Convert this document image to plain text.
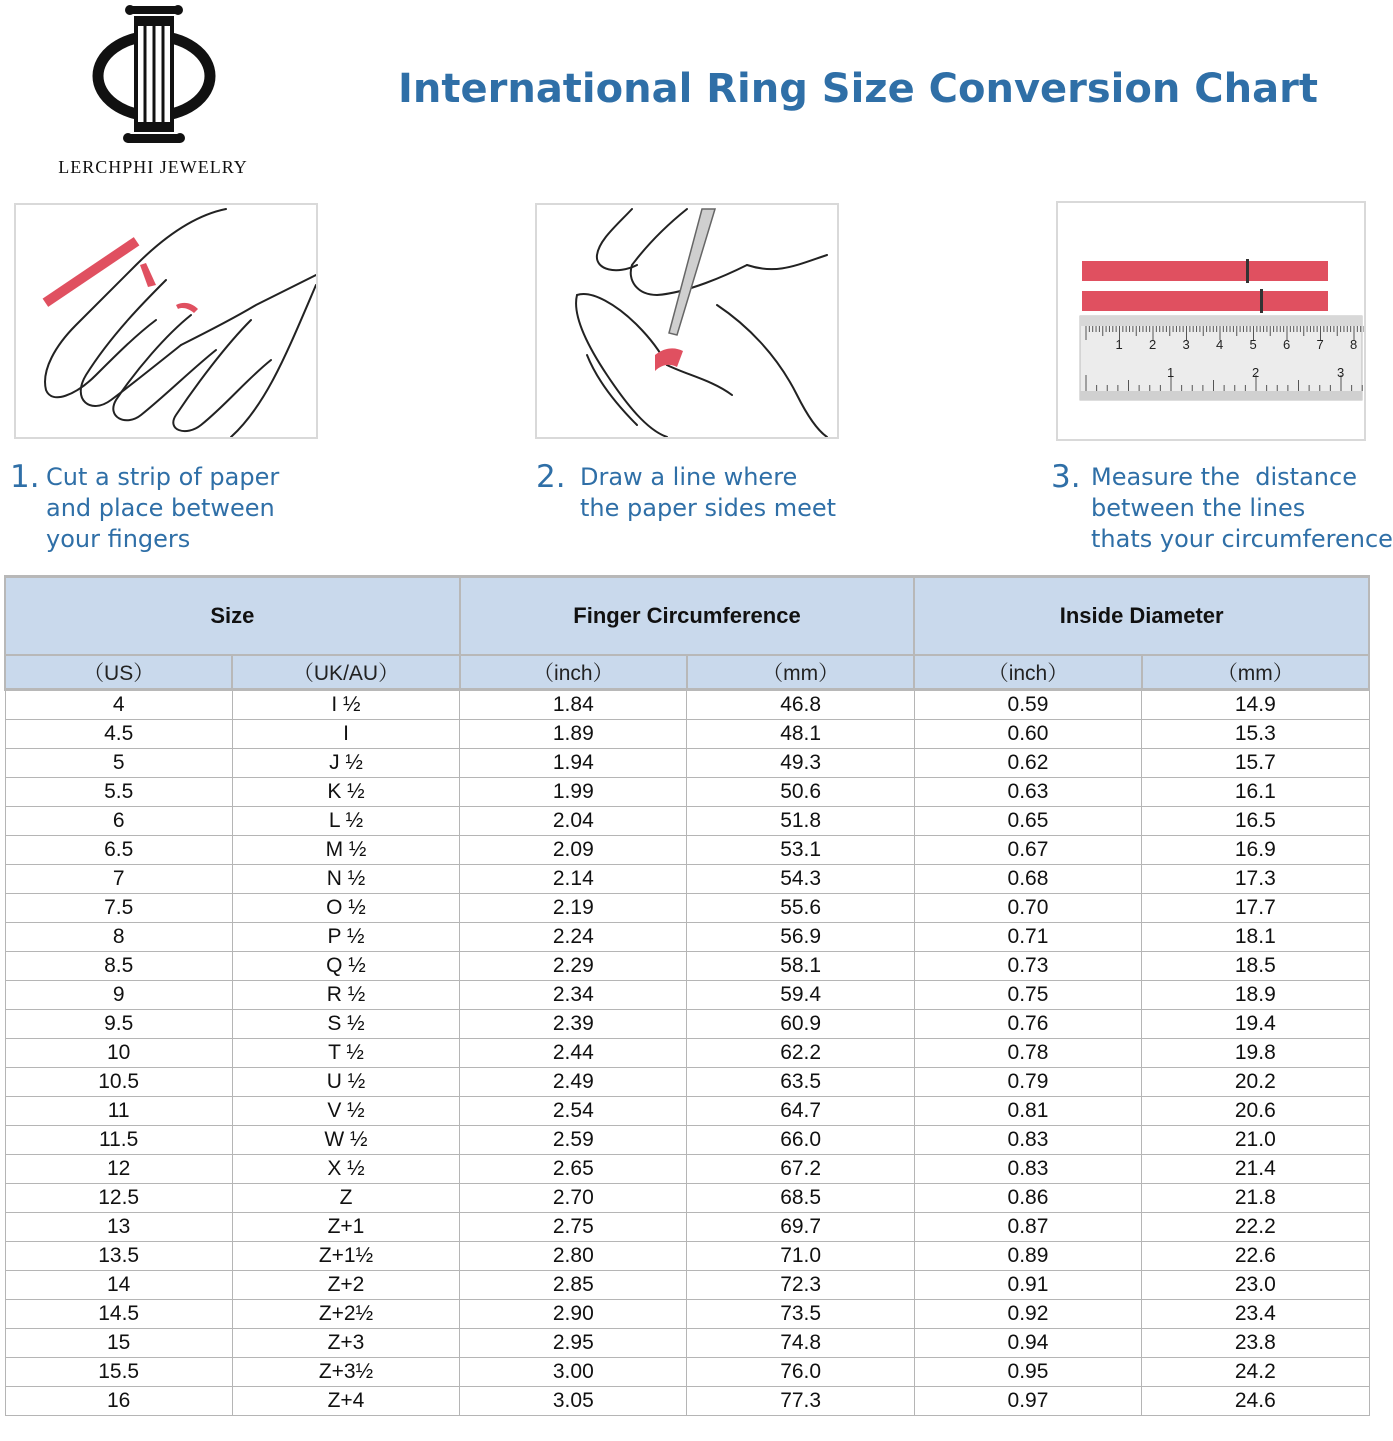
LERCHPHI JEWELRY
International Ring Size Conversion Chart
1 2 3 4 5 6 7 8
1	2	3
1. Cut a strip of paper
and place between
your fingers
2. Draw a line where
the paper sides meet
3. Measure the  distance
between the lines
thats your circumference
Size		Finger Circumference		Inside Diameter	
（US）	（UK/AU）	（inch）	（mm）	（inch）	（mm）
4	I ½	1.84	46.8	0.59	14.9
4.5	I	1.89	48.1	0.60	15.3
5	J ½	1.94	49.3	0.62	15.7
5.5	K ½	1.99	50.6	0.63	16.1
6	L ½	2.04	51.8	0.65	16.5
6.5	M ½	2.09	53.1	0.67	16.9
7	N ½	2.14	54.3	0.68	17.3
7.5	O ½	2.19	55.6	0.70	17.7
8	P ½	2.24	56.9	0.71	18.1
8.5	Q ½	2.29	58.1	0.73	18.5
9	R ½	2.34	59.4	0.75	18.9
9.5	S ½	2.39	60.9	0.76	19.4
10	T ½	2.44	62.2	0.78	19.8
10.5	U ½	2.49	63.5	0.79	20.2
11	V ½	2.54	64.7	0.81	20.6
11.5	W ½	2.59	66.0	0.83	21.0
12	X ½	2.65	67.2	0.83	21.4
12.5	Z	2.70	68.5	0.86	21.8
13	Z+1	2.75	69.7	0.87	22.2
13.5	Z+1½	2.80	71.0	0.89	22.6
14	Z+2	2.85	72.3	0.91	23.0
14.5	Z+2½	2.90	73.5	0.92	23.4
15	Z+3	2.95	74.8	0.94	23.8
15.5	Z+3½	3.00	76.0	0.95	24.2
16	Z+4	3.05	77.3	0.97	24.6
